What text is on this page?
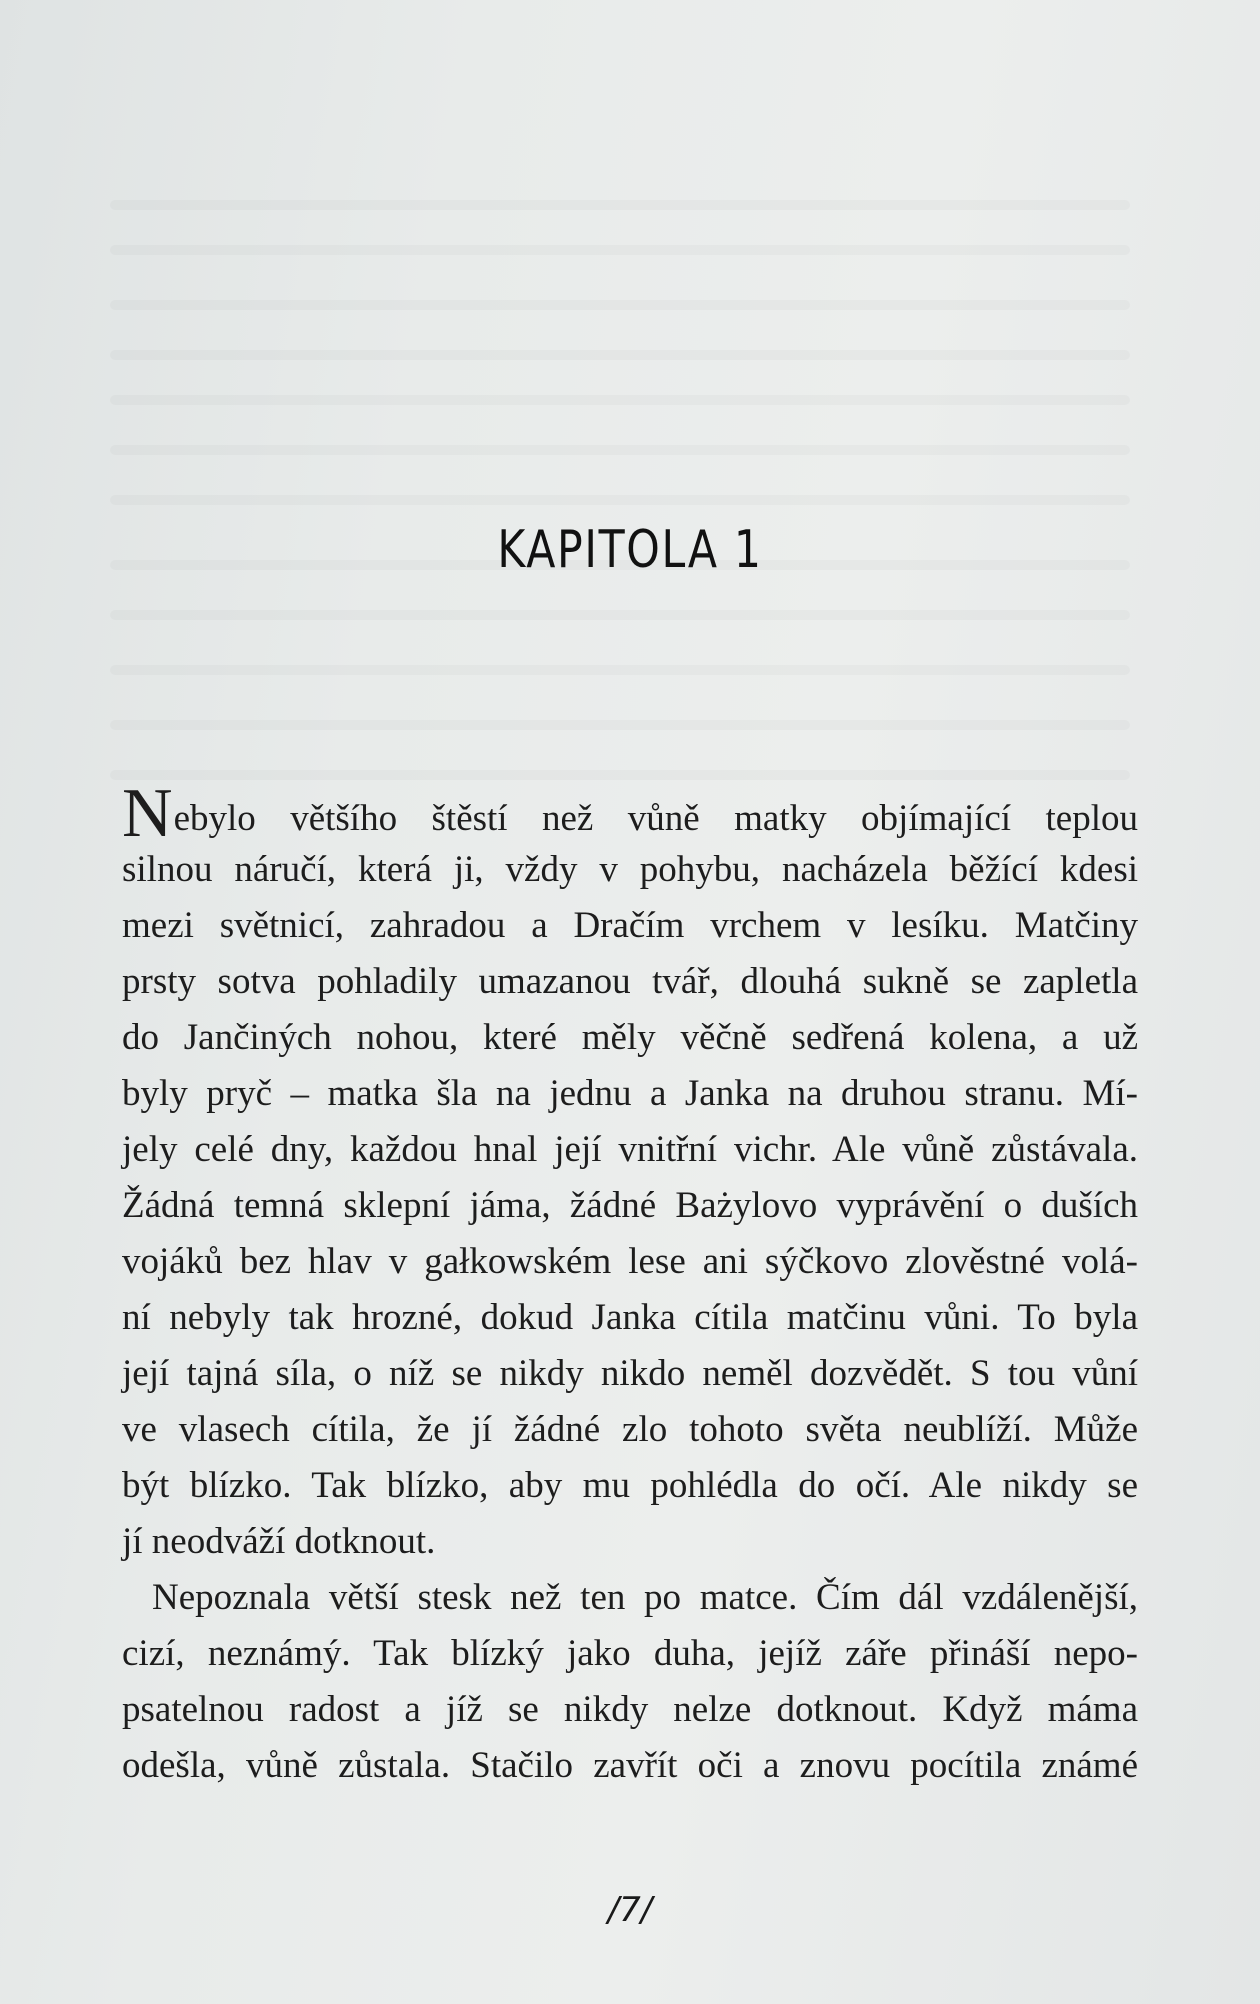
KAPITOLA 1
Nebylo většího štěstí než vůně matky objímající teplou
silnou náručí, která ji, vždy v pohybu, nacházela běžící kdesi
mezi světnicí, zahradou a Dračím vrchem v lesíku. Matčiny
prsty sotva pohladily umazanou tvář, dlouhá sukně se zapletla
do Jančiných nohou, které měly věčně sedřená kolena, a už
byly pryč – matka šla na jednu a Janka na druhou stranu. Mí-
jely celé dny, každou hnal její vnitřní vichr. Ale vůně zůstávala.
Žádná temná sklepní jáma, žádné Bażylovo vyprávění o duších
vojáků bez hlav v gałkowském lese ani sýčkovo zlověstné volá-
ní nebyly tak hrozné, dokud Janka cítila matčinu vůni. To byla
její tajná síla, o níž se nikdy nikdo neměl dozvědět. S tou vůní
ve vlasech cítila, že jí žádné zlo tohoto světa neublíží. Může
být blízko. Tak blízko, aby mu pohlédla do očí. Ale nikdy se
jí neodváží dotknout.
Nepoznala větší stesk než ten po matce. Čím dál vzdálenější,
cizí, neznámý. Tak blízký jako duha, jejíž záře přináší nepo-
psatelnou radost a jíž se nikdy nelze dotknout. Když máma
odešla, vůně zůstala. Stačilo zavřít oči a znovu pocítila známé
/7/
